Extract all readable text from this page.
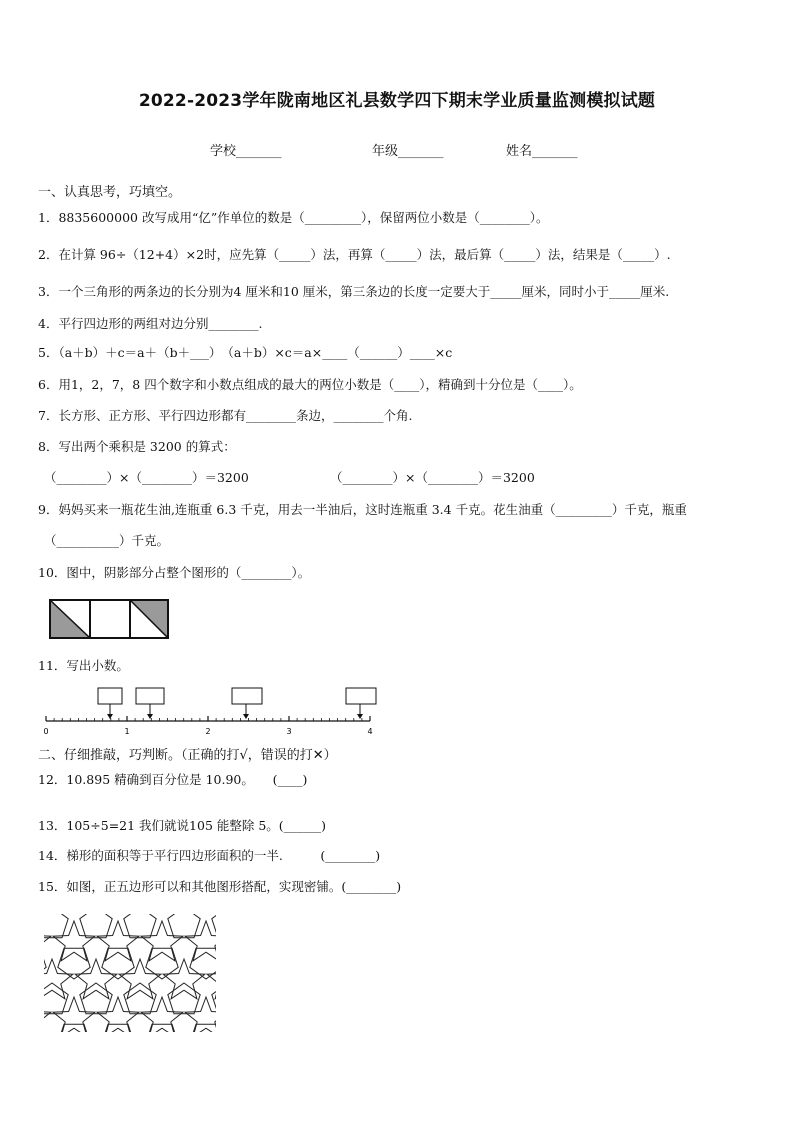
2022-2023学年陇南地区礼县数学四下期末学业质量监测模拟试题
学校_______	年级_______	姓名_______
一、认真思考，巧填空。
1．8835600000 改写成用“亿”作单位的数是（_________），保留两位小数是（________）。
2．在计算 96÷（12+4）×2时，应先算（_____）法，再算（_____）法，最后算（_____）法，结果是（_____）.
3．一个三角形的两条边的长分别为4 厘米和10 厘米，第三条边的长度一定要大于_____厘米，同时小于_____厘米.
4．平行四边形的两组对边分别________.
5．（a＋b）＋c＝a＋（b＋___）　（a＋b）×c＝a×____（______）____×c
6．用1，2，7，8 四个数字和小数点组成的最大的两位小数是（____），精确到十分位是（____）。
7．长方形、正方形、平行四边形都有________条边，________个角.
8．写出两个乘积是 3200 的算式：
（________）×（________）＝3200	（________）×（________）＝3200
9．妈妈买来一瓶花生油,连瓶重 6.3 千克，用去一半油后，这时连瓶重 3.4 千克。花生油重（_________）千克，瓶重
（__________）千克。
10．图中，阴影部分占整个图形的（________）。
11．写出小数。
0	1	2	3	4
二、仔细推敲，巧判断。（正确的打√，错误的打✕）
12．10.895 精确到百分位是 10.90。　　(____)
13．105÷5=21 我们就说105 能整除 5。(______)
14．梯形的面积等于平行四边形面积的一半.　　　(________)
15．如图，正五边形可以和其他图形搭配，实现密铺。(________)
